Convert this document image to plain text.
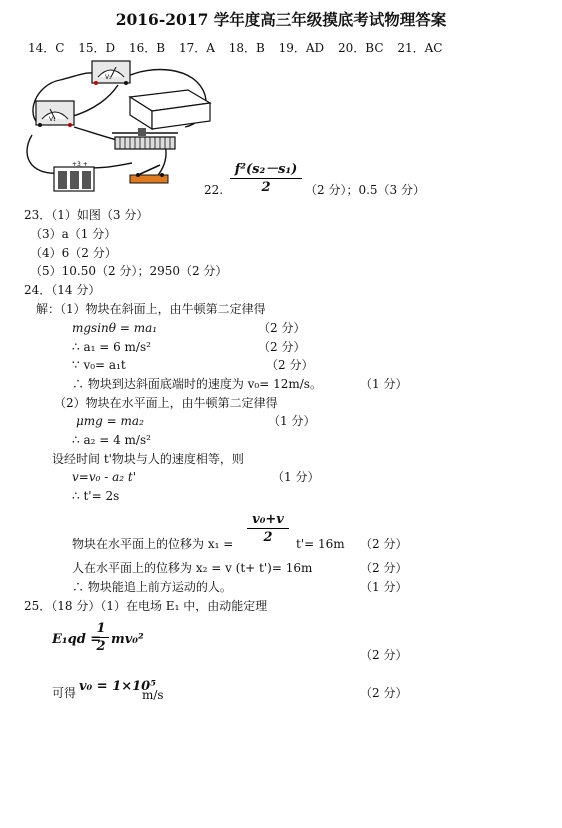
2016-2017 学年度高三年级摸底考试物理答案
14．C 15．D 16．B 17．A 18．B 19．AD 20．BC 21．AC
V₂
V₁
+3 +
22. $\frac{\text{f²(s₂－s₁)}}{2} (2$ 分）；0.5（3 分）
23．（1）如图（3 分）
（3）a（1 分）
（4）6（2 分）
（5）10.50（2 分）；2950（2 分）
24．（14 分）
解：（1）物块在斜面上，由牛顿第二定律得
mgsinθ = ma₁	（2 分）
∴ a₁ = 6 m/s²	（2 分）
∵ v₀= a₁t	（2 分）
∴ 物块到达斜面底端时的速度为 v₀= 12m/s。	（1 分）
（2）物块在水平面上，由牛顿第二定律得
μmg = ma₂	（1 分）
∴ a₂ = 4 m/s²
设经时间 t'物块与人的速度相等，则
v=v₀ - a₂ t'	（1 分）
∴ t'= 2s
物块在水平面上的位移为 $x_1 = \frac{\text{v₀+v}}{2} t'= 16m$ （2 分）
人在水平面上的位移为 x₂ = v (t+ t')= 16m	（2 分）
∴ 物块能追上前方运动的人。	（1 分）
25．（18 分）（1）在电场 E₁ 中，由动能定理
E₁qd =
$\frac{1}{2} mv_0^2$
（2 分）
可得 v₀ = 1×10⁵
m/s	（2 分）
